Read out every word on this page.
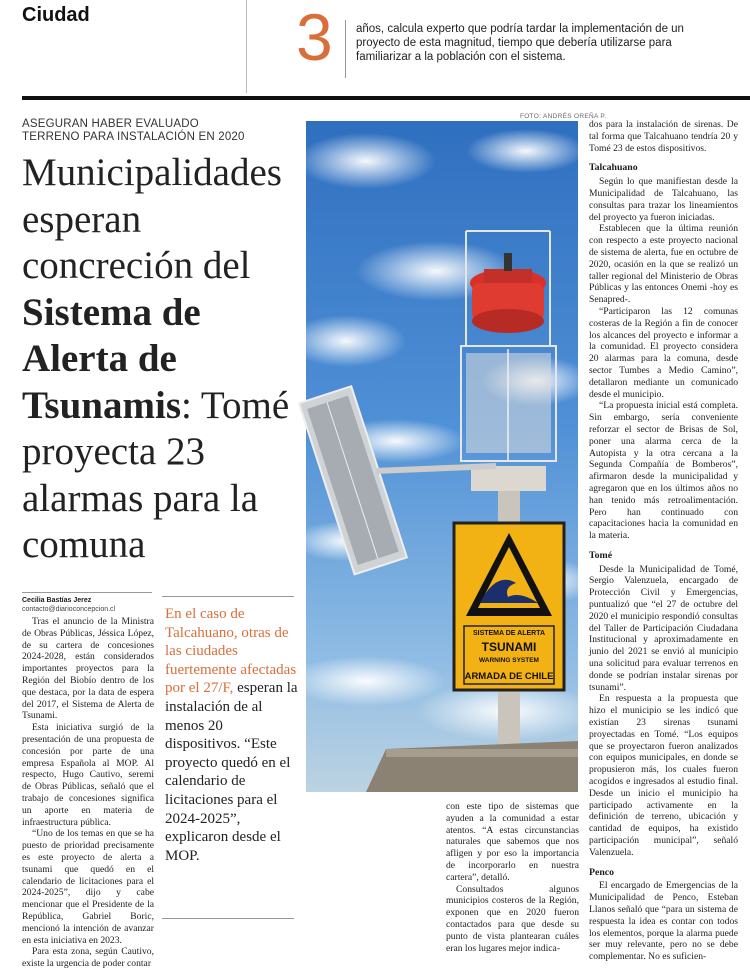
Ciudad	3 años, calcula experto que podría tardar la implementación de un proyecto de esta magnitud, tiempo que debería utilizarse para familiarizar a la población con el sistema.
ASEGURAN HABER EVALUADO
TERRENO PARA INSTALACIÓN EN 2020
Municipalidades esperan concreción del Sistema de Alerta de Tsunamis: Tomé proyecta 23 alarmas para la comuna
FOTO: ANDRÉS OREÑA P.
SISTEMA DE ALERTA
TSUNAMI
WARNING SYSTEM
ARMADA DE CHILE
Cecilia Bastías Jerez
contacto@diarioconcepcion.cl

Tras el anuncio de la Ministra de Obras Públicas, Jéssica López, de su cartera de concesiones 2024-2028, están considerados importantes proyectos para la Región del Biobío dentro de los que destaca, por la data de espera del 2017, el Sistema de Alerta de Tsunami.

Esta iniciativa surgió de la presentación de una propuesta de concesión por parte de una empresa Española al MOP. Al respecto, Hugo Cautivo, seremi de Obras Públicas, señaló que el trabajo de concesiones significa un aporte en materia de infraestructura pública.

“Uno de los temas en que se ha puesto de prioridad precisamente es este proyecto de alerta a tsunami que quedó en el calendario de licitaciones para el 2024-2025”, dijo y cabe mencionar que el Presidente de la República, Gabriel Boric, mencionó la intención de avanzar en esta iniciativa en 2023.

Para esta zona, según Cautivo, existe la urgencia de poder contar

En el caso de Talcahuano, otras de las ciudades fuertemente afectadas por el 27/F, esperan la instalación de al menos 20 dispositivos. “Este proyecto quedó en el calendario de licitaciones para el 2024-2025”, explicaron desde el MOP.

con este tipo de sistemas que ayuden a la comunidad a estar atentos. “A estas circunstancias naturales que sabemos que nos afligen y por eso la importancia de incorporarlo en nuestra cartera”, detalló.

Consultados algunos municipios costeros de la Región, exponen que en 2020 fueron contactados para que desde su punto de vista plantearan cuáles eran los lugares mejor indica-

dos para la instalación de sirenas. De tal forma que Talcahuano tendría 20 y Tomé 23 de estos dispositivos.

Talcahuano

Según lo que manifiestan desde la Municipalidad de Talcahuano, las consultas para trazar los lineamientos del proyecto ya fueron iniciadas.

Establecen que la última reunión con respecto a este proyecto nacional de sistema de alerta, fue en octubre de 2020, ocasión en la que se realizó un taller regional del Ministerio de Obras Públicas y las entonces Onemi -hoy es Senapred-.

“Participaron las 12 comunas costeras de la Región a fin de conocer los alcances del proyecto e informar a la comunidad. El proyecto considera 20 alarmas para la comuna, desde sector Tumbes a Medio Camino”, detallaron mediante un comunicado desde el municipio.

“La propuesta inicial está completa. Sin embargo, sería conveniente reforzar el sector de Brisas de Sol, poner una alarma cerca de la Autopista y la otra cercana a la Segunda Compañía de Bomberos”, afirmaron desde la municipalidad y agregaron que en los últimos años no han tenido más retroalimentación. Pero han continuado con capacitaciones hacia la comunidad en la materia.

Tomé

Desde la Municipalidad de Tomé, Sergio Valenzuela, encargado de Protección Civil y Emergencias, puntualizó que “el 27 de octubre del 2020 el municipio respondió consultas del Taller de Participación Ciudadana Institucional y aproximadamente en junio del 2021 se envió al municipio una solicitud para evaluar terrenos en donde se podrían instalar sirenas por tsunami”.

En respuesta a la propuesta que hizo el municipio se les indicó que existían 23 sirenas tsunami proyectadas en Tomé. “Los equipos que se proyectaron fueron analizados con equipos municipales, en donde se propusieron más, los cuales fueron acogidos e ingresados al estudio final. Desde un inicio el municipio ha participado activamente en la definición de terreno, ubicación y cantidad de equipos, ha existido participación municipal”, señaló Valenzuela.

Penco

El encargado de Emergencias de la Municipalidad de Penco, Esteban Llanos señaló que “para un sistema de respuesta la idea es contar con todos los elementos, porque la alarma puede ser muy relevante, pero no se debe complementar. No es suficien-
